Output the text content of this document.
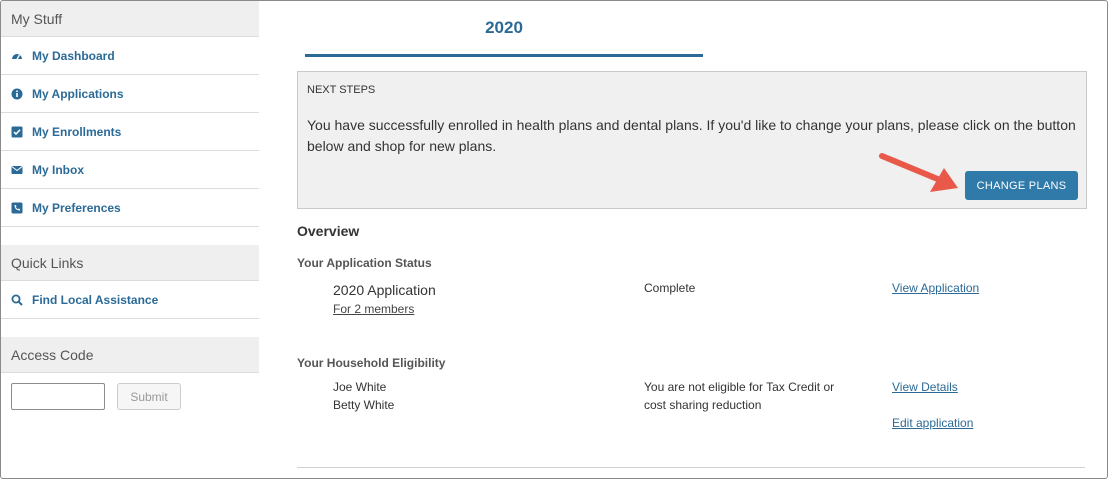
My Stuff
My Dashboard
My Applications
My Enrollments
My Inbox
My Preferences
Quick Links
Find Local Assistance
Access Code
Submit
2020
NEXT STEPS
You have successfully enrolled in health plans and dental plans. If you'd like to change your plans, please click on the button below and shop for new plans.
CHANGE PLANS
Overview
Your Application Status
2020 Application
For 2 members
Complete	View Application
Your Household Eligibility
Joe White
Betty White
You are not eligible for Tax Credit or
cost sharing reduction
View Details
Edit application
